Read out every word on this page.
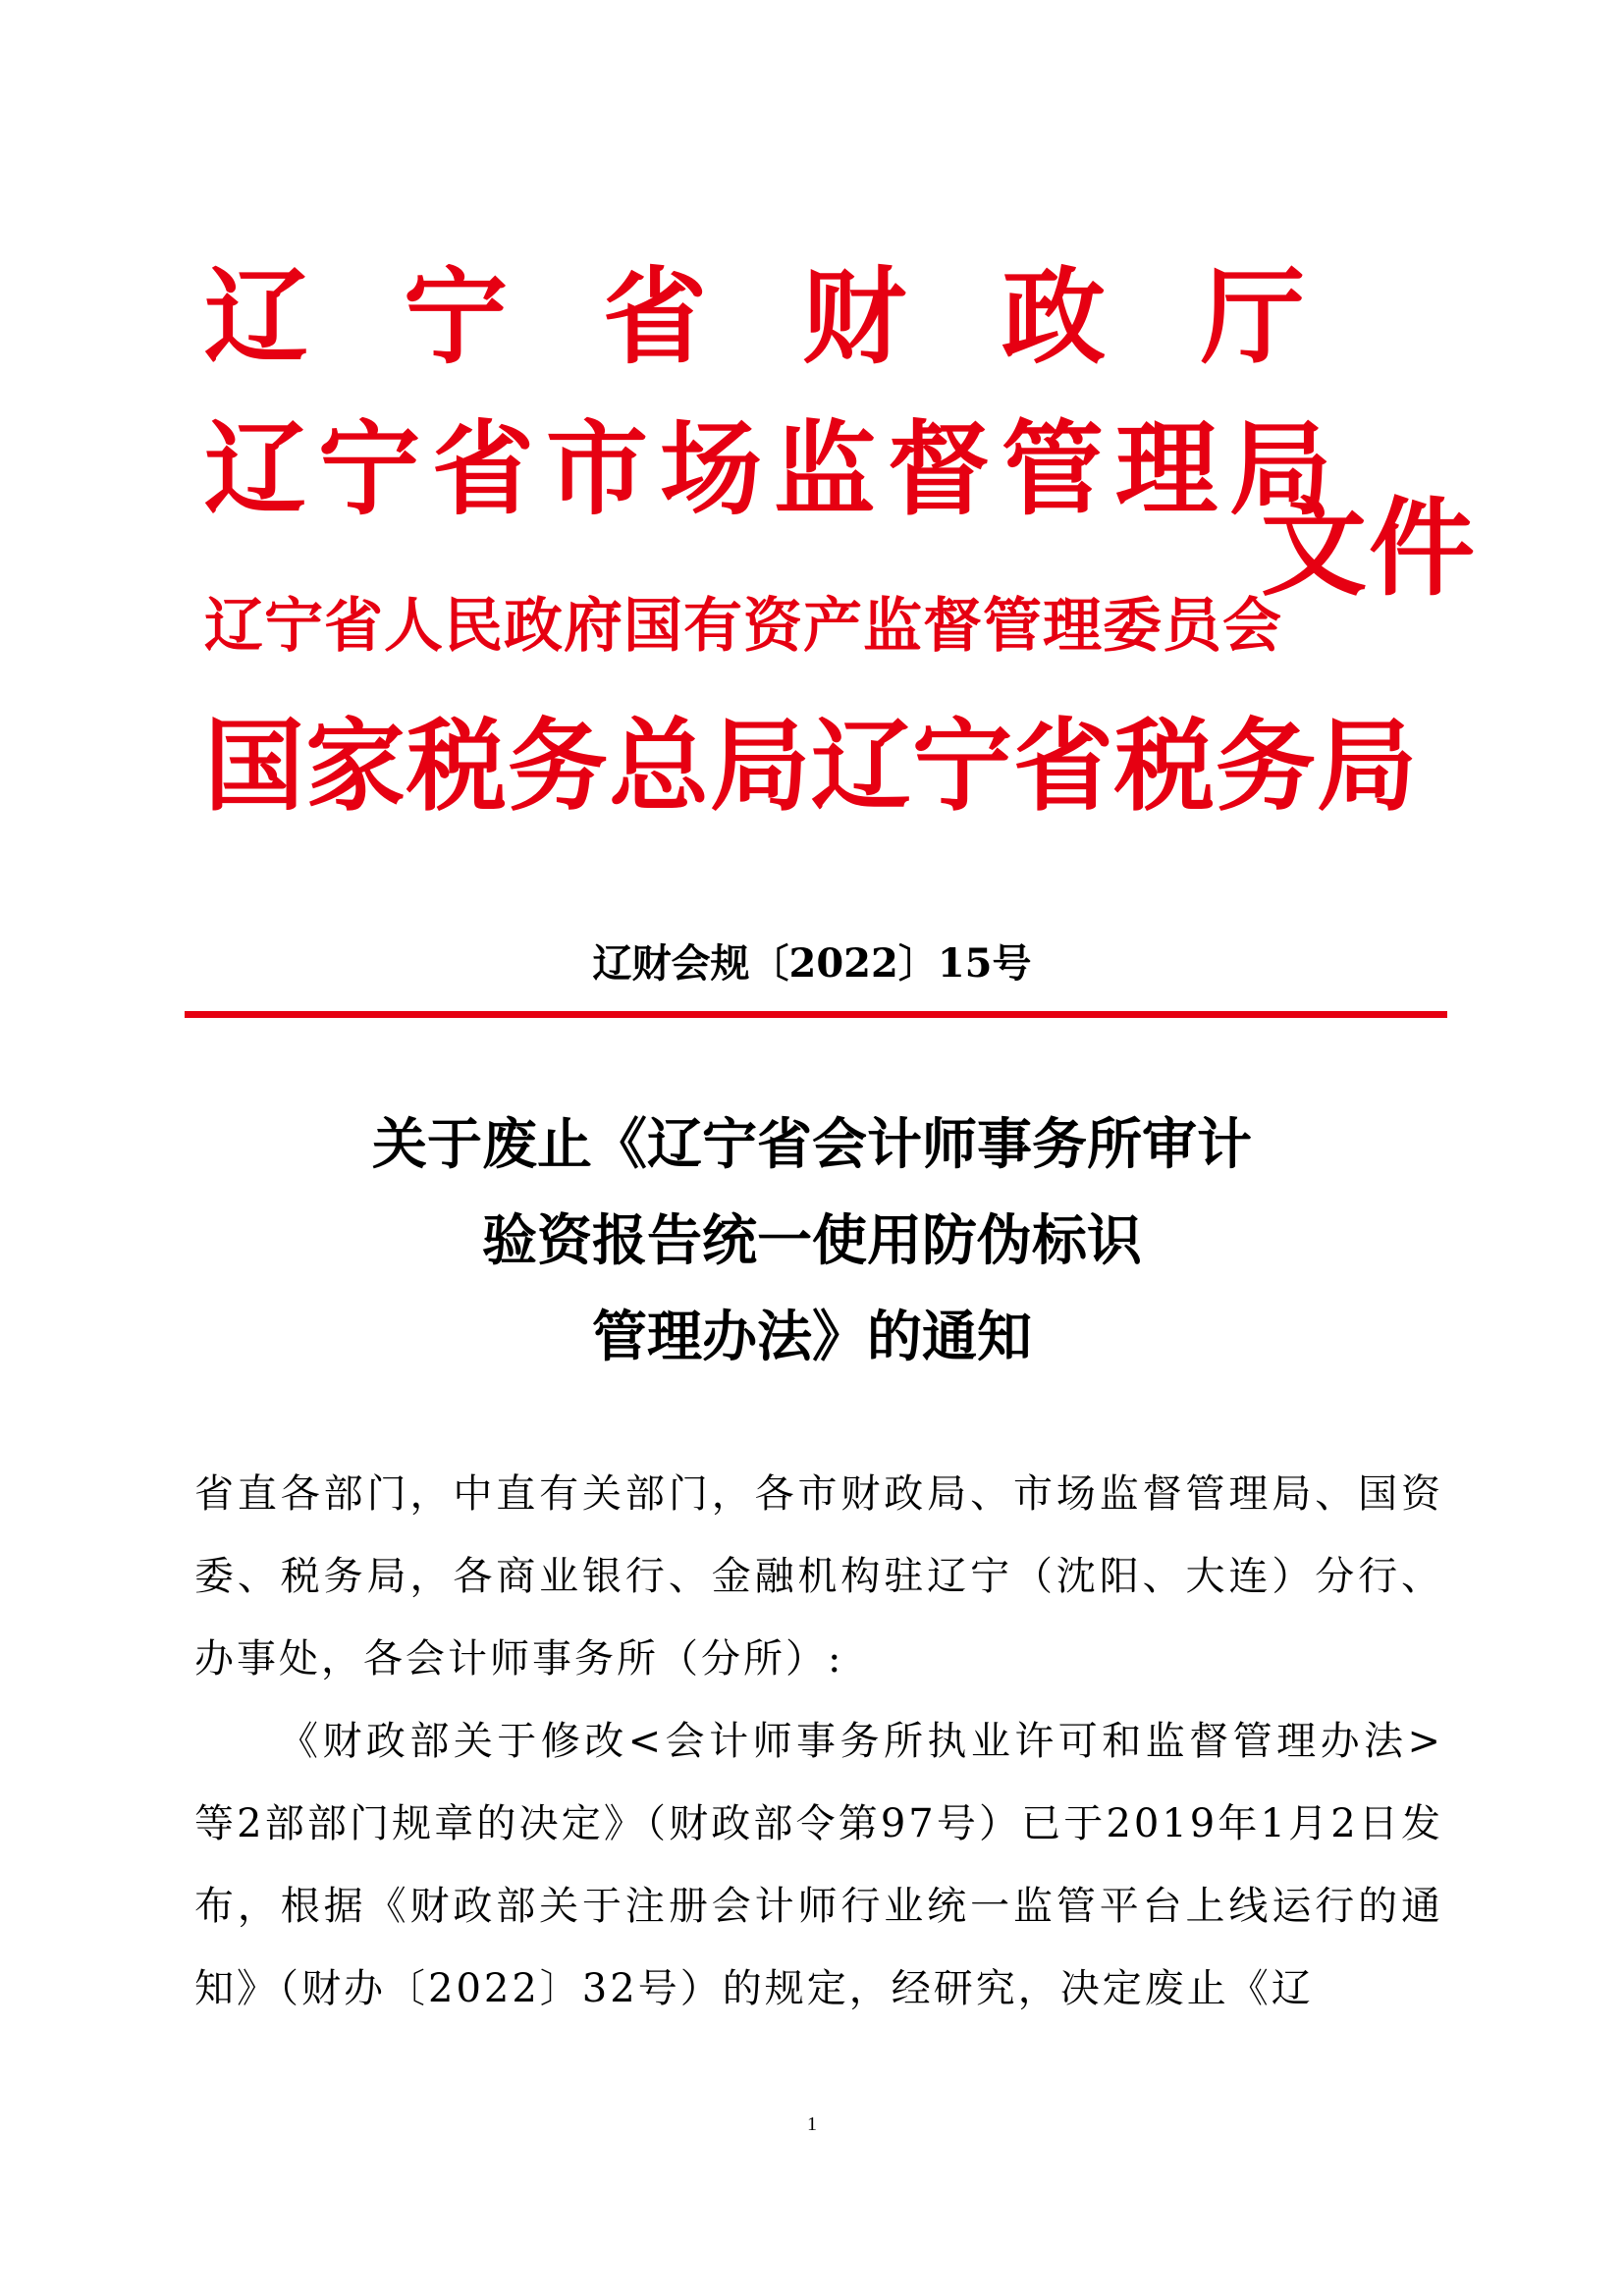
辽宁省财政厅
辽宁省市场监督管理局
辽宁省人民政府国有资产监督管理委员会
国家税务总局辽宁省税务局
文件
辽财会规〔2022〕15号
关于废止《辽宁省会计师事务所审计
验资报告统一使用防伪标识
管理办法》的通知

省直各部门，中直有关部门，各市财政局、市场监督管理局、国资委、税务局，各商业银行、金融机构驻辽宁（沈阳、大连）分行、办事处，各会计师事务所（分所）:

《财政部关于修改<会计师事务所执业许可和监督管理办法>等2部部门规章的决定》（财政部令第97号）已于2019年1月2日发布，根据《财政部关于注册会计师行业统一监管平台上线运行的通知》（财办〔2022〕32号）的规定，经研究，决定废止《辽

1
